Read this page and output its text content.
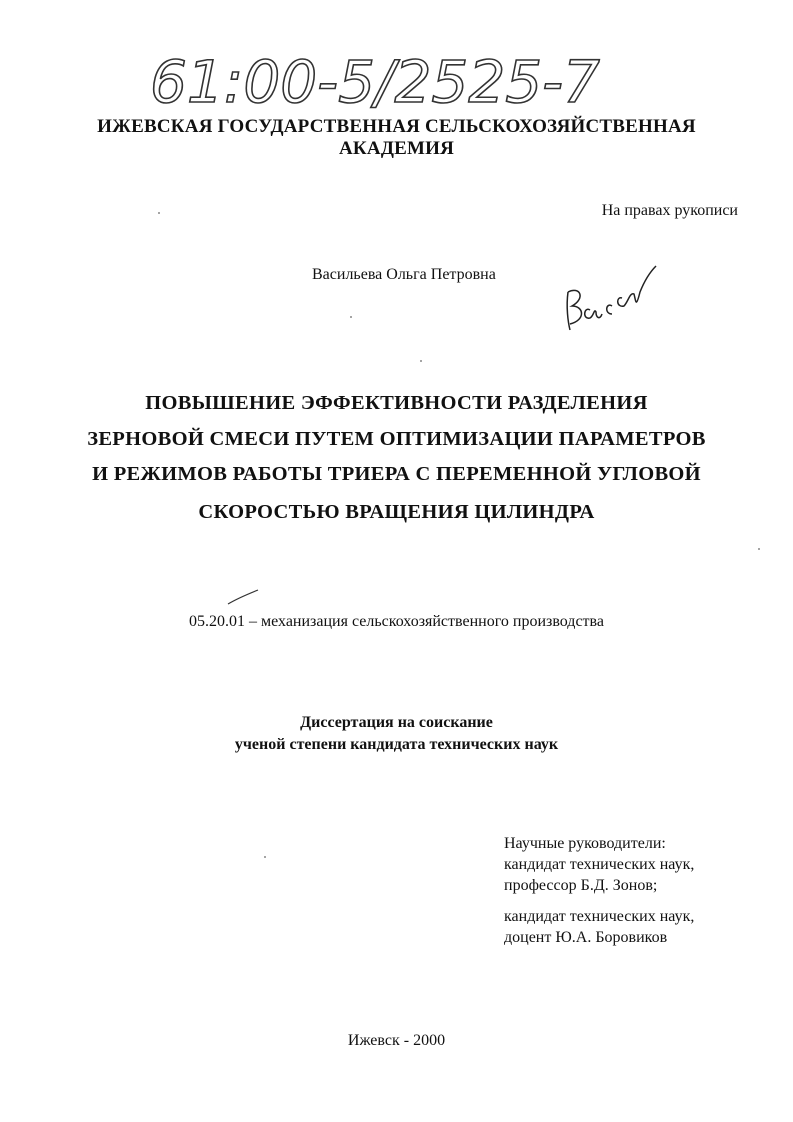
61:00-5/2525-7
ИЖЕВСКАЯ ГОСУДАРСТВЕННАЯ СЕЛЬСКОХОЗЯЙСТВЕННАЯ
АКАДЕМИЯ
На правах рукописи
Васильева Ольга Петровна
Васи
ПОВЫШЕНИЕ ЭФФЕКТИВНОСТИ РАЗДЕЛЕНИЯ
ЗЕРНОВОЙ СМЕСИ ПУТЕМ ОПТИМИЗАЦИИ ПАРАМЕТРОВ
И РЕЖИМОВ РАБОТЫ ТРИЕРА С ПЕРЕМЕННОЙ УГЛОВОЙ
СКОРОСТЬЮ ВРАЩЕНИЯ ЦИЛИНДРА
05.20.01 – механизация сельскохозяйственного производства
Диссертация на соискание
ученой степени кандидата технических наук
Научные руководители:
кандидат технических наук,
профессор Б.Д. Зонов;
кандидат технических наук,
доцент Ю.А. Боровиков
Ижевск - 2000
